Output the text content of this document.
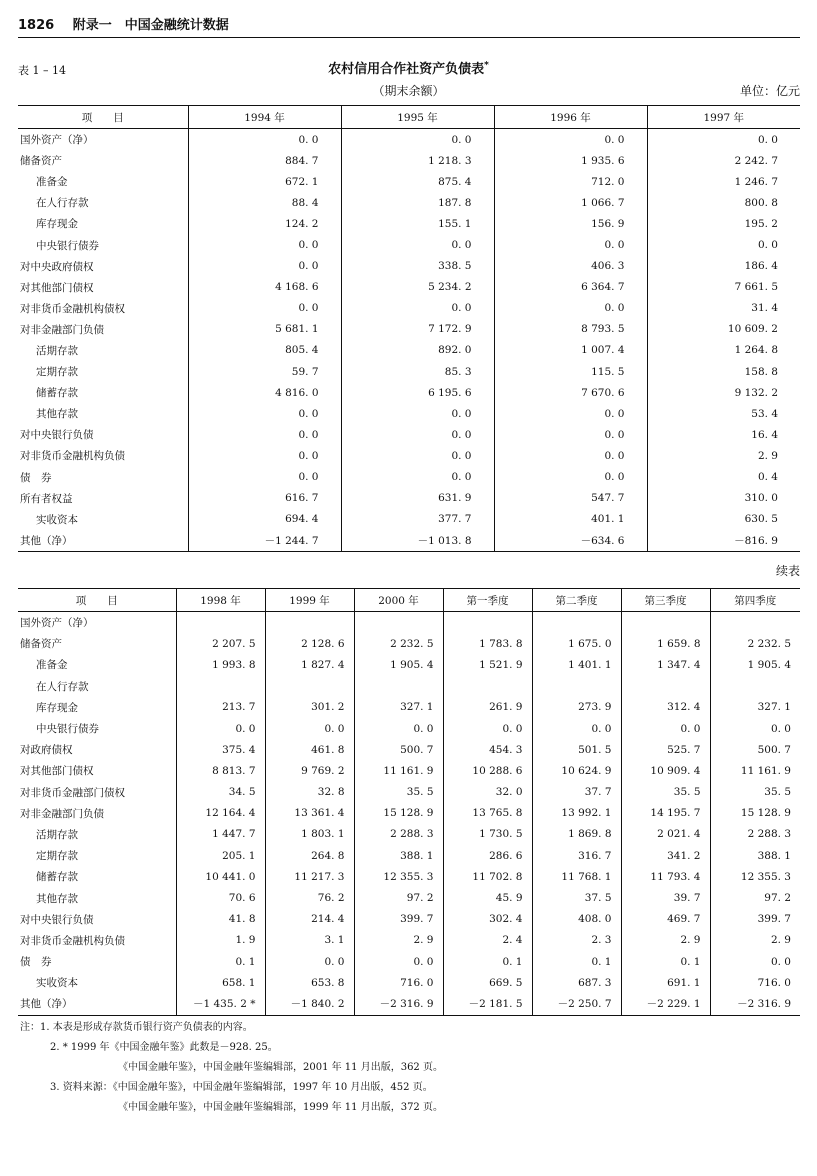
1826 附录一　中国金融统计数据
表 1 – 14	农村信用合作社资产负债表*
（期末余额）	单位：亿元
项　　目	1994 年	1995 年	1996 年	1997 年
国外资产（净）	0. 0	0. 0	0. 0	0. 0
储备资产	884. 7	1 218. 3	1 935. 6	2 242. 7
准备金	672. 1	875. 4	712. 0	1 246. 7
在人行存款	88. 4	187. 8	1 066. 7	800. 8
库存现金	124. 2	155. 1	156. 9	195. 2
中央银行债券	0. 0	0. 0	0. 0	0. 0
对中央政府债权	0. 0	338. 5	406. 3	186. 4
对其他部门债权	4 168. 6	5 234. 2	6 364. 7	7 661. 5
对非货币金融机构债权	0. 0	0. 0	0. 0	31. 4
对非金融部门负债	5 681. 1	7 172. 9	8 793. 5	10 609. 2
活期存款	805. 4	892. 0	1 007. 4	1 264. 8
定期存款	59. 7	85. 3	115. 5	158. 8
储蓄存款	4 816. 0	6 195. 6	7 670. 6	9 132. 2
其他存款	0. 0	0. 0	0. 0	53. 4
对中央银行负债	0. 0	0. 0	0. 0	16. 4
对非货币金融机构负债	0. 0	0. 0	0. 0	2. 9
债　券	0. 0	0. 0	0. 0	0. 4
所有者权益	616. 7	631. 9	547. 7	310. 0
实收资本	694. 4	377. 7	401. 1	630. 5
其他（净）	－1 244. 7	－1 013. 8	－634. 6	－816. 9
续表
项　　目	1998 年	1999 年	2000 年	第一季度	第二季度	第三季度	第四季度
国外资产（净）							
储备资产	2 207. 5	2 128. 6	2 232. 5	1 783. 8	1 675. 0	1 659. 8	2 232. 5
准备金	1 993. 8	1 827. 4	1 905. 4	1 521. 9	1 401. 1	1 347. 4	1 905. 4
在人行存款							
库存现金	213. 7	301. 2	327. 1	261. 9	273. 9	312. 4	327. 1
中央银行债券	0. 0	0. 0	0. 0	0. 0	0. 0	0. 0	0. 0
对政府债权	375. 4	461. 8	500. 7	454. 3	501. 5	525. 7	500. 7
对其他部门债权	8 813. 7	9 769. 2	11 161. 9	10 288. 6	10 624. 9	10 909. 4	11 161. 9
对非货币金融部门债权	34. 5	32. 8	35. 5	32. 0	37. 7	35. 5	35. 5
对非金融部门负债	12 164. 4	13 361. 4	15 128. 9	13 765. 8	13 992. 1	14 195. 7	15 128. 9
活期存款	1 447. 7	1 803. 1	2 288. 3	1 730. 5	1 869. 8	2 021. 4	2 288. 3
定期存款	205. 1	264. 8	388. 1	286. 6	316. 7	341. 2	388. 1
储蓄存款	10 441. 0	11 217. 3	12 355. 3	11 702. 8	11 768. 1	11 793. 4	12 355. 3
其他存款	70. 6	76. 2	97. 2	45. 9	37. 5	39. 7	97. 2
对中央银行负债	41. 8	214. 4	399. 7	302. 4	408. 0	469. 7	399. 7
对非货币金融机构负债	1. 9	3. 1	2. 9	2. 4	2. 3	2. 9	2. 9
债　券	0. 1	0. 0	0. 0	0. 1	0. 1	0. 1	0. 0
实收资本	658. 1	653. 8	716. 0	669. 5	687. 3	691. 1	716. 0
其他（净）	－1 435. 2 *	－1 840. 2	－2 316. 9	－2 181. 5	－2 250. 7	－2 229. 1	－2 316. 9
注：1. 本表是形成存款货币银行资产负债表的内容。
2. * 1999 年《中国金融年鉴》此数是－928. 25。
《中国金融年鉴》，中国金融年鉴编辑部，2001 年 11 月出版，362 页。
3. 资料来源：《中国金融年鉴》，中国金融年鉴编辑部，1997 年 10 月出版，452 页。
《中国金融年鉴》，中国金融年鉴编辑部，1999 年 11 月出版，372 页。
